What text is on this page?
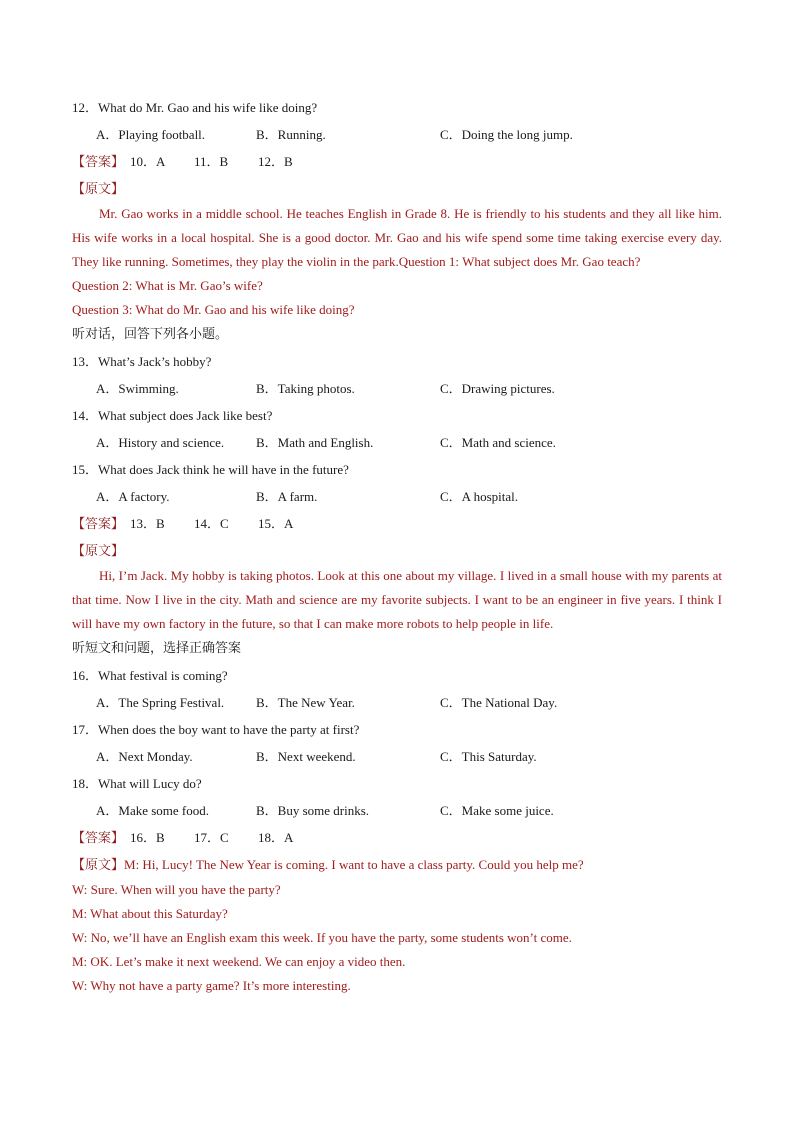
12．What do Mr. Gao and his wife like doing?
A．Playing football.	B．Running.	C．Doing the long jump.
【答案】 10．A 11．B 12．B
【原文】

Mr. Gao works in a middle school. He teaches English in Grade 8. He is friendly to his students and they all like him. His wife works in a local hospital. She is a good doctor. Mr. Gao and his wife spend some time taking exercise every day. They like running. Sometimes, they play the violin in the park.Question 1: What subject does Mr. Gao teach?

Question 2: What is Mr. Gao’s wife?
Question 3: What do Mr. Gao and his wife like doing?
听对话，回答下列各小题。
13．What’s Jack’s hobby?
A．Swimming.	B．Taking photos.	C．Drawing pictures.
14．What subject does Jack like best?
A．History and science. B．Math and English.	C．Math and science.
15．What does Jack think he will have in the future?
A．A factory.	B．A farm.	C．A hospital.
【答案】 13．B 14．C 15．A
【原文】

Hi, I’m Jack. My hobby is taking photos. Look at this one about my village. I lived in a small house with my parents at that time. Now I live in the city. Math and science are my favorite subjects. I want to be an engineer in five years. I think I will have my own factory in the future, so that I can make more robots to help people in life.

听短文和问题，选择正确答案
16．What festival is coming?
A．The Spring Festival. B．The New Year.	C．The National Day.
17．When does the boy want to have the party at first?
A．Next Monday.	B．Next weekend.	C．This Saturday.
18．What will Lucy do?
A．Make some food.	B．Buy some drinks.	C．Make some juice.
【答案】 16．B 17．C 18．A
【原文】M: Hi, Lucy! The New Year is coming. I want to have a class party. Could you help me?
W: Sure. When will you have the party?
M: What about this Saturday?
W: No, we’ll have an English exam this week. If you have the party, some students won’t come.
M: OK. Let’s make it next weekend. We can enjoy a video then.
W: Why not have a party game? It’s more interesting.
